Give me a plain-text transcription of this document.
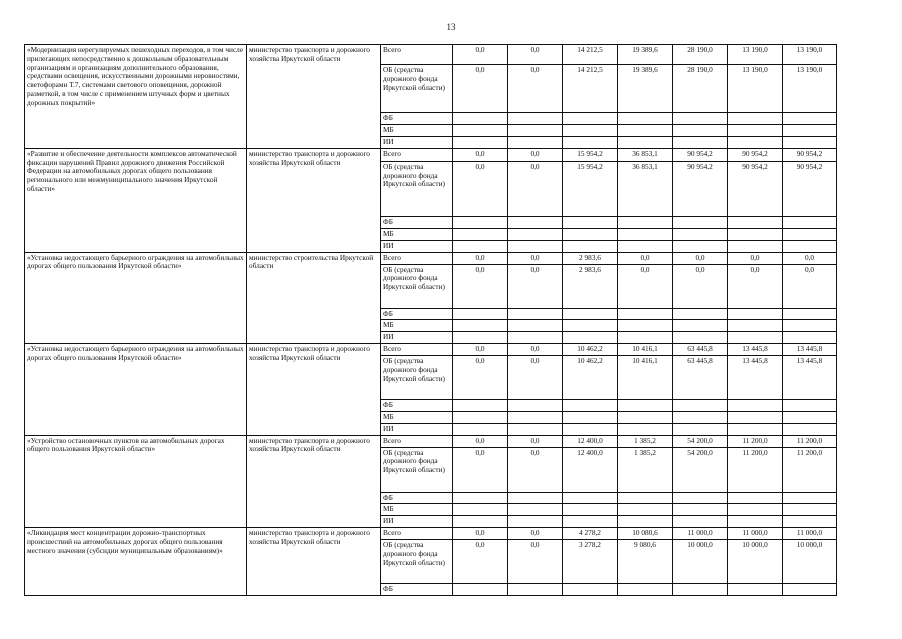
13
«Модернизация нерегулируемых пешеходных переходов, в том числе прилегающих непосредственно к дошкольным образовательным организациям и организациям дополнительного образования, средствами освещения, искусственными дорожными неровностями, светофорами Т.7, системами светового оповещения, дорожной разметкой, в том числе с применением штучных форм и цветных дорожных покрытий»	министерство транспорта и дорожного хозяйства Иркутской области	Всего	0,0	0,0	14 212,5	19 389,6	28 190,0	13 190,0	13 190,0
		ОБ (средства дорожного фонда Иркутской области)	0,0	0,0	14 212,5	19 389,6	28 190,0	13 190,0	13 190,0
		ФБ							
		МБ							
		ИИ							
«Развитие и обеспечение деятельности комплексов автоматической фиксации нарушений Правил дорожного движения Российской Федерации на автомобильных дорогах общего пользования регионального или межмуниципального значения Иркутской области»	министерство транспорта и дорожного хозяйства Иркутской области	Всего	0,0	0,0	15 954,2	36 853,1	90 954,2	90 954,2	90 954,2
		ОБ (средства дорожного фонда Иркутской области)	0,0	0,0	15 954,2	36 853,1	90 954,2	90 954,2	90 954,2
		ФБ							
		МБ							
		ИИ							
«Установка недостающего барьерного ограждения на автомобильных дорогах общего пользования Иркутской области»	министерство строительства Иркутской области	Всего	0,0	0,0	2 983,6	0,0	0,0	0,0	0,0
		ОБ (средства дорожного фонда Иркутской области)	0,0	0,0	2 983,6	0,0	0,0	0,0	0,0
		ФБ							
		МБ							
		ИИ							
«Установка недостающего барьерного ограждения на автомобильных дорогах общего пользования Иркутской области»	министерство транспорта и дорожного хозяйства Иркутской области	Всего	0,0	0,0	10 462,2	10 416,1	63 445,8	13 445,8	13 445,8
		ОБ (средства дорожного фонда Иркутской области)	0,0	0,0	10 462,2	10 416,1	63 445,8	13 445,8	13 445,8
		ФБ							
		МБ							
		ИИ							
«Устройство остановочных пунктов на автомобильных дорогах общего пользования Иркутской области»	министерство транспорта и дорожного хозяйства Иркутской области	Всего	0,0	0,0	12 400,0	1 385,2	54 200,0	11 200,0	11 200,0
		ОБ (средства дорожного фонда Иркутской области)	0,0	0,0	12 400,0	1 385,2	54 200,0	11 200,0	11 200,0
		ФБ							
		МБ							
		ИИ							
«Ликвидация мест концентрации дорожно-транспортных происшествий на автомобильных дорогах общего пользования местного значения (субсидии муниципальным образованиям)»	министерство транспорта и дорожного хозяйства Иркутской области	Всего	0,0	0,0	4 278,2	10 080,6	11 000,0	11 000,0	11 000,0
		ОБ (средства дорожного фонда Иркутской области)	0,0	0,0	3 278,2	9 080,6	10 000,0	10 000,0	10 000,0
		ФБ							
